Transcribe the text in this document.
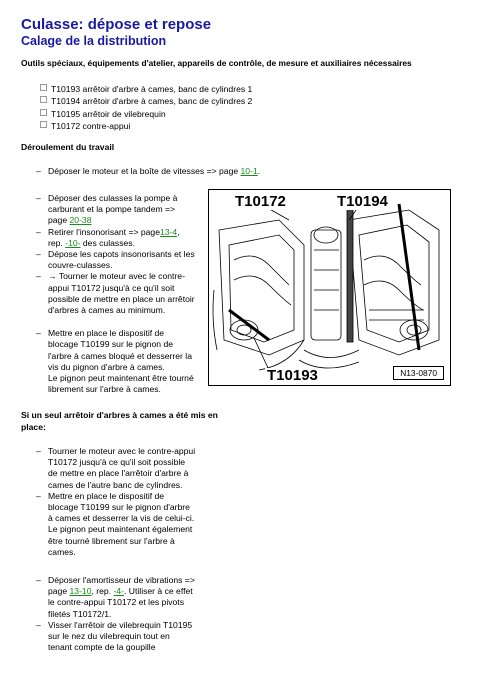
Culasse: dépose et repose
Calage de la distribution
Outils spéciaux, équipements d'atelier, appareils de contrôle, de mesure et auxiliaires nécessaires
T10193 arrêtoir d'arbre à cames, banc de cylindres 1
T10194 arrêtoir d'arbre à cames, banc de cylindres 2
T10195 arrêtoir de vilebrequin
T10172 contre-appui
Déroulement du travail
– Déposer le moteur et la boîte de vitesses => page 10-1.
– Déposer des culasses la pompe à carburant et la pompe tandem => page 20-38
– Retirer l'insonorisant => page13-4, rep. -10- des culasses.
– Dépose les capots insonorisants et les couvre-culasses.
– → Tourner le moteur avec le contre-appui T10172 jusqu'à ce qu'il soit possible de mettre en place un arrêtoir d'arbres à cames au minimum.
– Mettre en place le dispositif de blocage T10199 sur le pignon de l'arbre à cames bloqué et desserrer la vis du pignon d'arbre à cames.
Le pignon peut maintenant être tourné librement sur l'arbre à cames.
T10172	T10194
T10193	N13-0870
Si un seul arrêtoir d'arbres à cames a été mis en place:
– Tourner le moteur avec le contre-appui T10172 jusqu'à ce qu'il soit possible de mettre en place l'arrêtoir d'arbre à cames de l'autre banc de cylindres.
– Mettre en place le dispositif de blocage T10199 sur le pignon d'arbre à cames et desserrer la vis de celui-ci.
Le pignon peut maintenant également être tourné librement sur l'arbre à cames.
– Déposer l'amortisseur de vibrations => page 13-10, rep. -4-. Utiliser à ce effet le contre-appui T10172 et les pivots filetés T10172/1.
– Visser l'arrêtoir de vilebrequin T10195 sur le nez du vilebrequin tout en tenant compte de la goupille
